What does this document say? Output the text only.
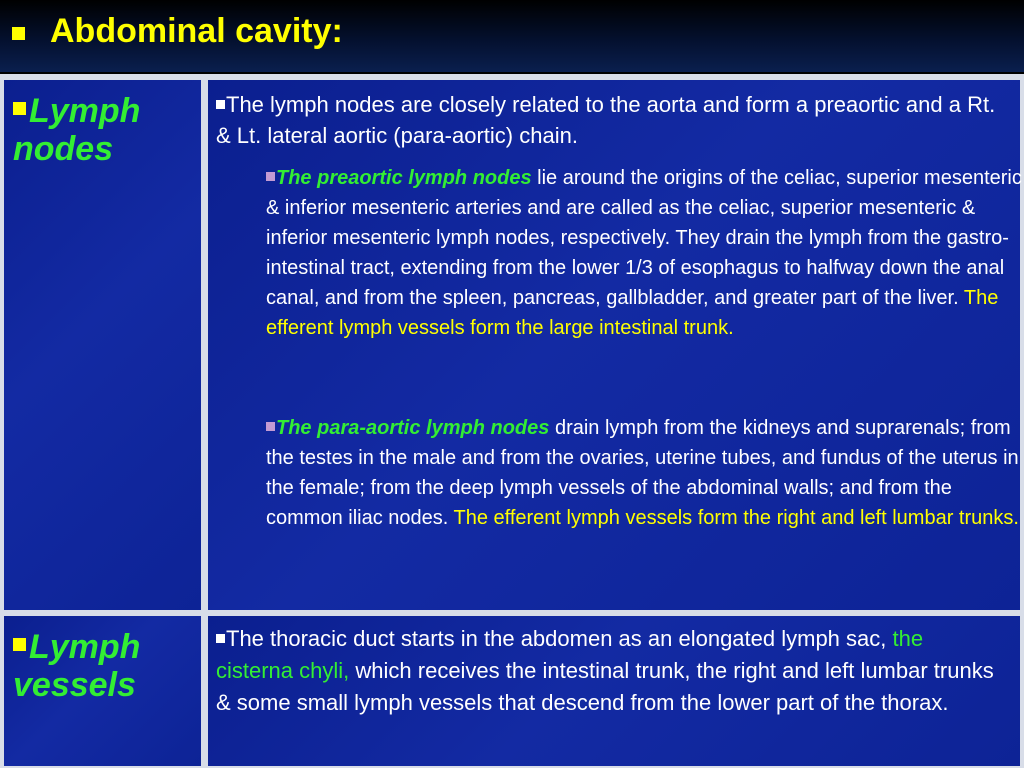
Abdominal cavity:
Lymph nodes
The lymph nodes are closely related to the aorta and form a preaortic and a Rt. & Lt. lateral aortic (para-aortic) chain.
The preaortic lymph nodes lie around the origins of the celiac, superior mesenteric & inferior mesenteric arteries and are called as the celiac, superior mesenteric & inferior mesenteric lymph nodes, respectively. They drain the lymph from the gastro-intestinal tract, extending from the lower 1/3 of esophagus to halfway down the anal canal, and from the spleen, pancreas, gallbladder, and greater part of the liver. The efferent lymph vessels form the large intestinal trunk.
The para-aortic lymph nodes drain lymph from the kidneys and suprarenals; from the testes in the male and from the ovaries, uterine tubes, and fundus of the uterus in the female; from the deep lymph vessels of the abdominal walls; and from the common iliac nodes. The efferent lymph vessels form the right and left lumbar trunks.
Lymph vessels
The thoracic duct starts in the abdomen as an elongated lymph sac, the cisterna chyli, which receives the intestinal trunk, the right and left lumbar trunks & some small lymph vessels that descend from the lower part of the thorax.
